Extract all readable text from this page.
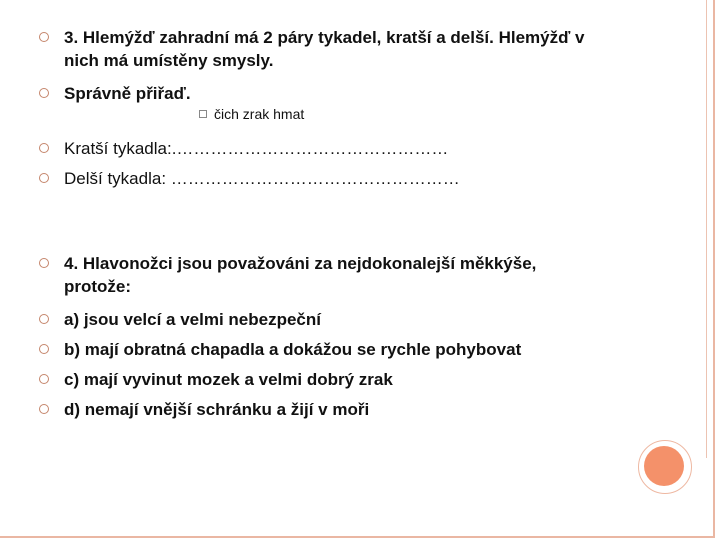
3. Hlemýžď zahradní má 2 páry tykadel, kratší a delší. Hlemýžď v
nich má umístěny smysly.
Správně přiřaď.
čich zrak hmat
Kratší tykadla:.…………………………………………
Delší tykadla: ……………………………………………
4. Hlavonožci jsou považováni za nejdokonalejší měkkýše,
protože:
a) jsou velcí a velmi nebezpeční
b) mají obratná chapadla a dokážou se rychle pohybovat
c) mají vyvinut mozek a velmi dobrý zrak
d) nemají vnější schránku a žijí v moři
